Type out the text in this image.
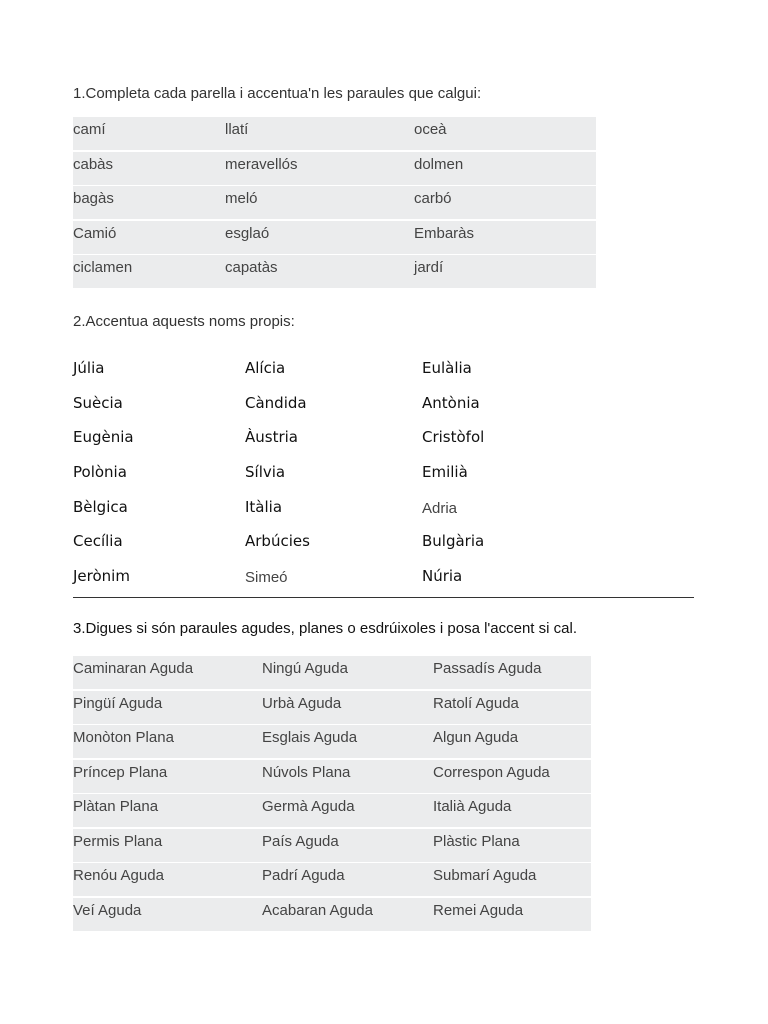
1.Completa cada parella i accentua'n les paraules que calgui:
camí	llatí	oceà
cabàs	meravellós	dolmen
bagàs	meló	carbó
Camió	esglaó	Embaràs
ciclamen	capatàs	jardí
2.Accentua aquests noms propis:
Júlia	Alícia	Eulàlia
Suècia	Càndida	Antònia
Eugènia	Àustria	Cristòfol
Polònia	Sílvia	Emilià
Bèlgica	Itàlia	Adria
Cecília	Arbúcies	Bulgària
Jerònim	Simeó	Núria
3.Digues si són paraules agudes, planes o esdrúixoles i posa l'accent si cal.
Caminaran Aguda	Ningú Aguda	Passadís Aguda
Pingüí Aguda	Urbà Aguda	Ratolí Aguda
Monòton Plana	Esglais Aguda	Algun Aguda
Príncep Plana	Núvols Plana	Correspon Aguda
Plàtan Plana	Germà Aguda	Italià Aguda
Permis Plana	País Aguda	Plàstic Plana
Renóu Aguda	Padrí Aguda	Submarí Aguda
Veí Aguda	Acabaran Aguda	Remei Aguda
